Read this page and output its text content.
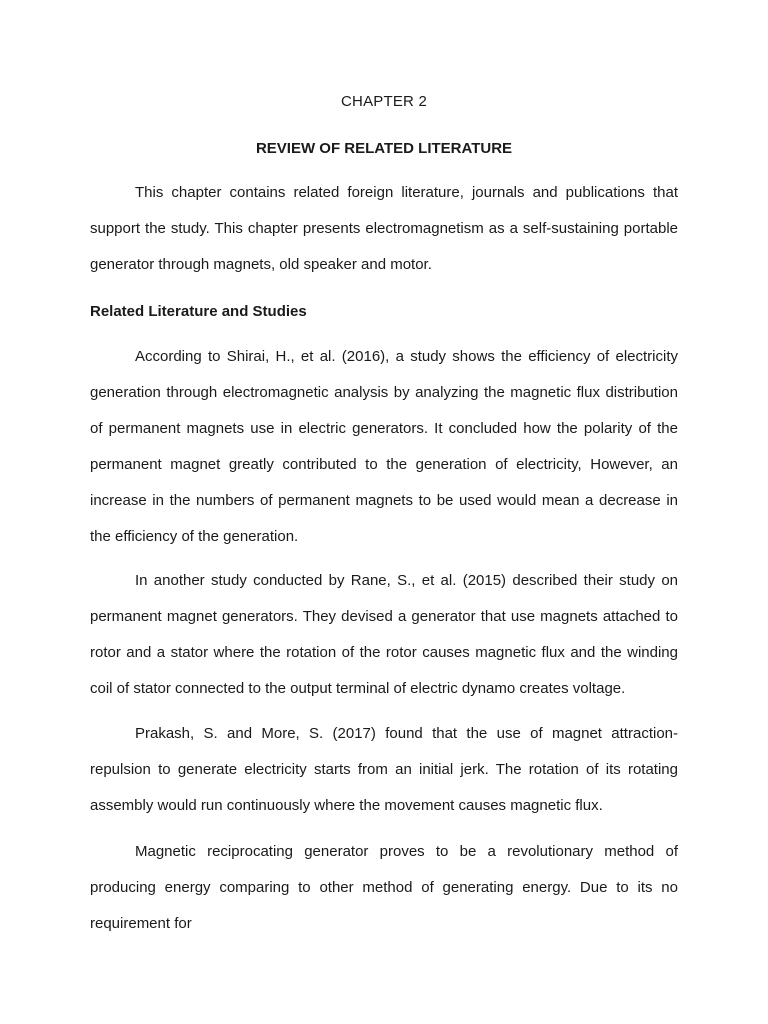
CHAPTER 2
REVIEW OF RELATED LITERATURE

This chapter contains related foreign literature, journals and publications that support the study. This chapter presents electromagnetism as a self-sustaining portable generator through magnets, old speaker and motor.

Related Literature and Studies

According to Shirai, H., et al. (2016), a study shows the efficiency of electricity generation through electromagnetic analysis by analyzing the magnetic flux distribution of permanent magnets use in electric generators. It concluded how the polarity of the permanent magnet greatly contributed to the generation of electricity, However, an increase in the numbers of permanent magnets to be used would mean a decrease in the efficiency of the generation.

In another study conducted by Rane, S., et al. (2015) described their study on permanent magnet generators. They devised a generator that use magnets attached to rotor and a stator where the rotation of the rotor causes magnetic flux and the winding coil of stator connected to the output terminal of electric dynamo creates voltage.

Prakash, S. and More, S. (2017) found that the use of magnet attraction- repulsion to generate electricity starts from an initial jerk. The rotation of its rotating assembly would run continuously where the movement causes magnetic flux.

Magnetic reciprocating generator proves to be a revolutionary method of producing energy comparing to other method of generating energy. Due to its no requirement for
